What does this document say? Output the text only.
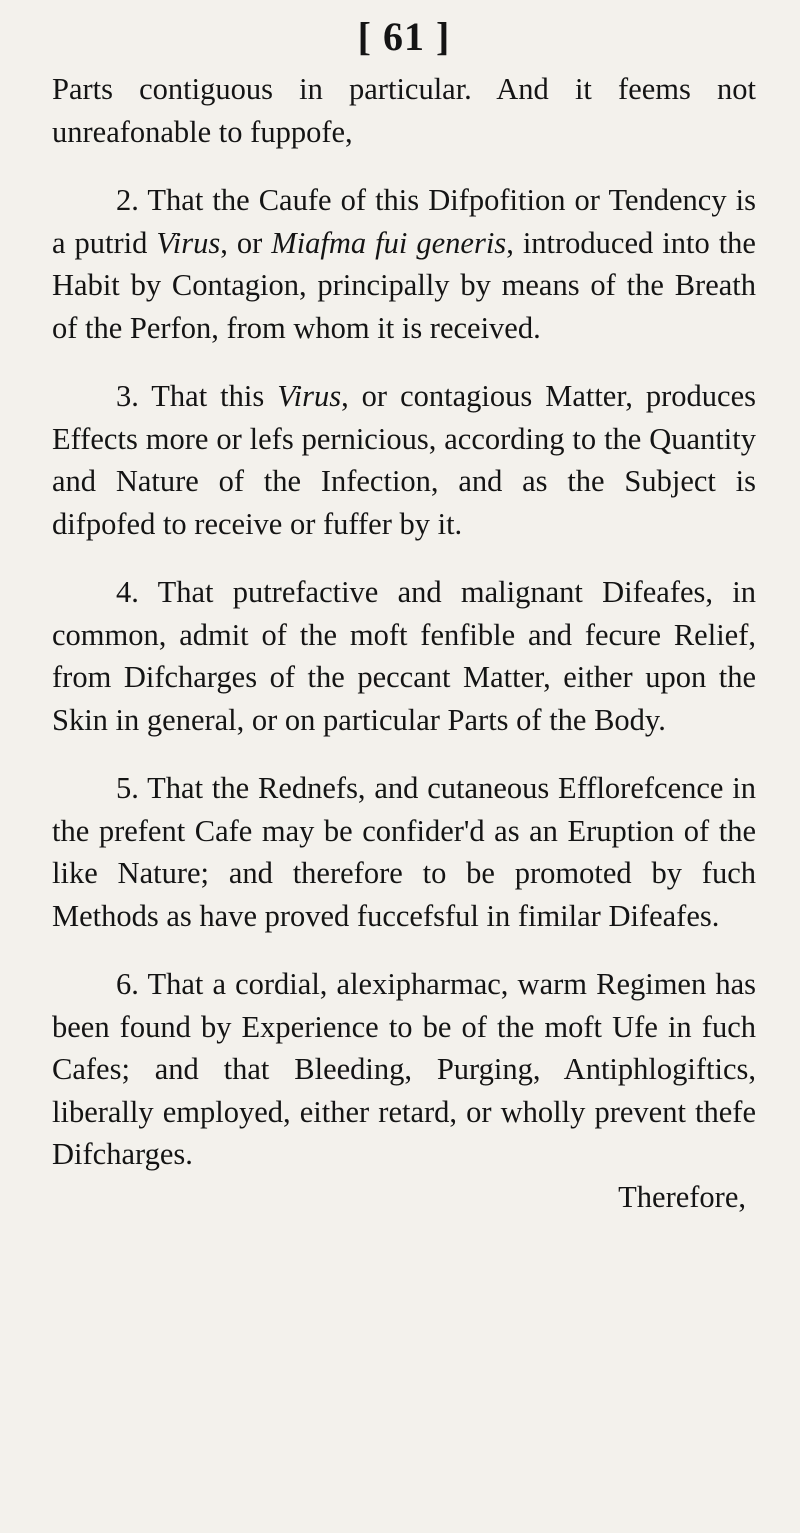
[ 61 ]

Parts contiguous in particular. And it feems not unreafonable to fuppofe,

2. That the Caufe of this Difpofition or Tendency is a putrid Virus, or Miafma fui generis, introduced into the Habit by Contagion, principally by means of the Breath of the Perfon, from whom it is received.

3. That this Virus, or contagious Matter, produces Effects more or lefs pernicious, according to the Quantity and Nature of the Infection, and as the Subject is difpofed to receive or fuffer by it.

4. That putrefactive and malignant Difeafes, in common, admit of the moft fenfible and fecure Relief, from Difcharges of the peccant Matter, either upon the Skin in general, or on particular Parts of the Body.

5. That the Rednefs, and cutaneous Efflorefcence in the prefent Cafe may be confider'd as an Eruption of the like Nature; and therefore to be promoted by fuch Methods as have proved fuccefsful in fimilar Difeafes.

6. That a cordial, alexipharmac, warm Regimen has been found by Experience to be of the moft Ufe in fuch Cafes; and that Bleeding, Purging, Antiphlogiftics, liberally employed, either retard, or wholly prevent thefe Difcharges.

Therefore,
